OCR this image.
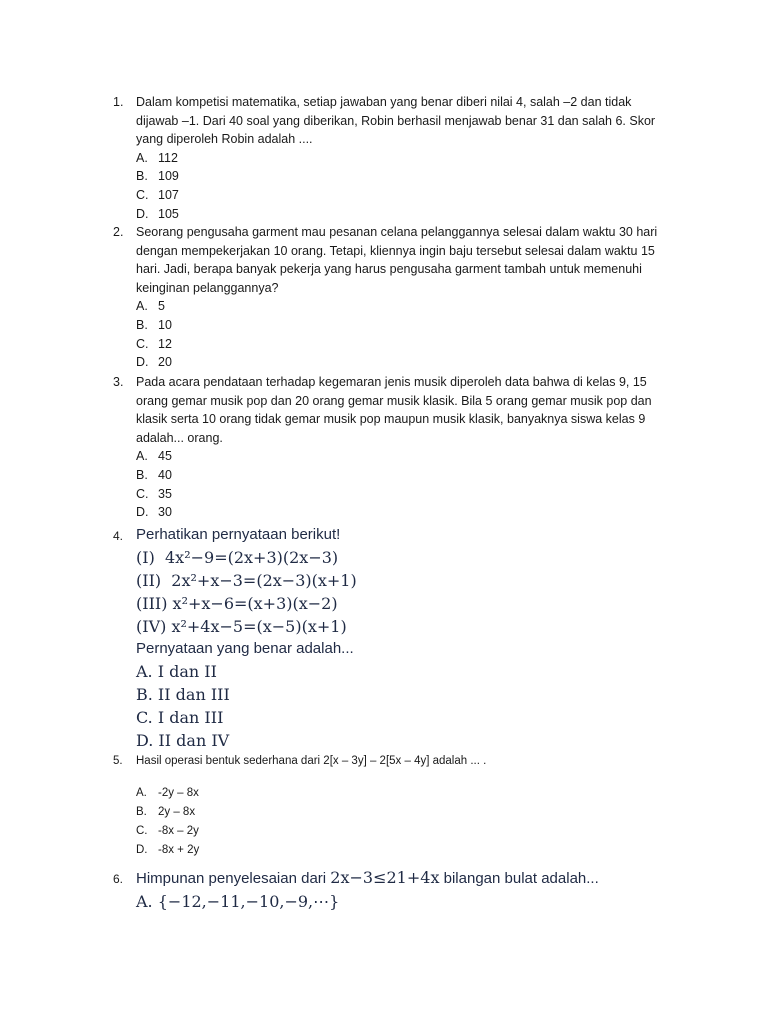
1. Dalam kompetisi matematika, setiap jawaban yang benar diberi nilai 4, salah –2 dan tidak dijawab –1. Dari 40 soal yang diberikan, Robin berhasil menjawab benar 31 dan salah 6. Skor yang diperoleh Robin adalah ....

A. 112
B. 109
C. 107
D. 105
2. Seorang pengusaha garment mau pesanan celana pelanggannya selesai dalam waktu 30 hari dengan mempekerjakan 10 orang. Tetapi, kliennya ingin baju tersebut selesai dalam waktu 15 hari. Jadi, berapa banyak pekerja yang harus pengusaha garment tambah untuk memenuhi keinginan pelanggannya?

A. 5
B. 10
C. 12
D. 20
3. Pada acara pendataan terhadap kegemaran jenis musik diperoleh data bahwa di kelas 9, 15 orang gemar musik pop dan 20 orang gemar musik klasik. Bila 5 orang gemar musik pop dan klasik serta 10 orang tidak gemar musik pop maupun musik klasik, banyaknya siswa kelas 9 adalah... orang.

A. 45
B. 40
C. 35
D. 30
4. Perhatikan pernyataan berikut!
(I) 4x²−9=(2x+3)(2x−3)
(II) 2x²+x−3=(2x−3)(x+1)
(III) x²+x−6=(x+3)(x−2)
(IV) x²+4x−5=(x−5)(x+1)
Pernyataan yang benar adalah...
A. I dan II
B. II dan III
C. I dan III
D. II dan IV
5. Hasil operasi bentuk sederhana dari 2[x – 3y] – 2[5x – 4y] adalah ... .
A. -2y – 8x
B. 2y – 8x
C. -8x – 2y
D. -8x + 2y
6. Himpunan penyelesaian dari 2x−3≤21+4x bilangan bulat adalah...
A. {−12,−11,−10,−9,⋯}
